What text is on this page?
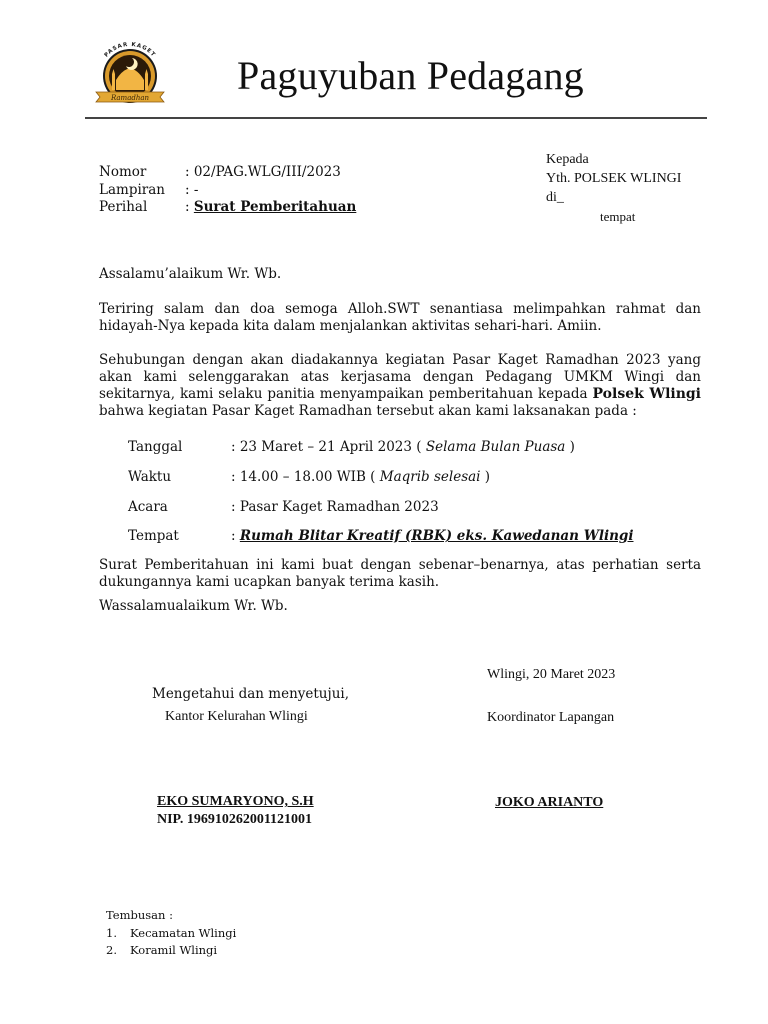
PASAR KAGET
Ramadhan Paguyuban Pedagang
Nomor	: 02/PAG.WLG/III/2023
Lampiran : -
Perihal	: Surat Pemberitahuan
Kepada
Yth. POLSEK WLINGI
di_
tempat
Assalamu’alaikum Wr. Wb.
Teriring salam dan doa semoga Alloh.SWT senantiasa melimpahkan rahmat dan hidayah-Nya kepada kita dalam menjalankan aktivitas sehari-hari. Amiin.
Sehubungan dengan akan diadakannya kegiatan Pasar Kaget Ramadhan 2023 yang akan kami selenggarakan atas kerjasama dengan Pedagang UMKM Wingi dan sekitarnya, kami selaku panitia menyampaikan pemberitahuan kepada Polsek Wlingi bahwa kegiatan Pasar Kaget Ramadhan tersebut akan kami laksanakan pada :
Tanggal	: 23 Maret – 21 April 2023 ( Selama Bulan Puasa )
Waktu	: 14.00 – 18.00 WIB ( Maqrib selesai )
Acara	: Pasar Kaget Ramadhan 2023
Tempat	: Rumah Blitar Kreatif (RBK) eks. Kawedanan Wlingi
Surat Pemberitahuan ini kami buat dengan sebenar–benarnya, atas perhatian serta dukungannya kami ucapkan banyak terima kasih.
Wassalamualaikum Wr. Wb.
Wlingi, 20 Maret 2023
Mengetahui dan menyetujui,
Kantor Kelurahan Wlingi	Koordinator Lapangan
EKO SUMARYONO, S.H
NIP. 196910262001121001
JOKO ARIANTO
Tembusan :
1. Kecamatan Wlingi
2. Koramil Wlingi
